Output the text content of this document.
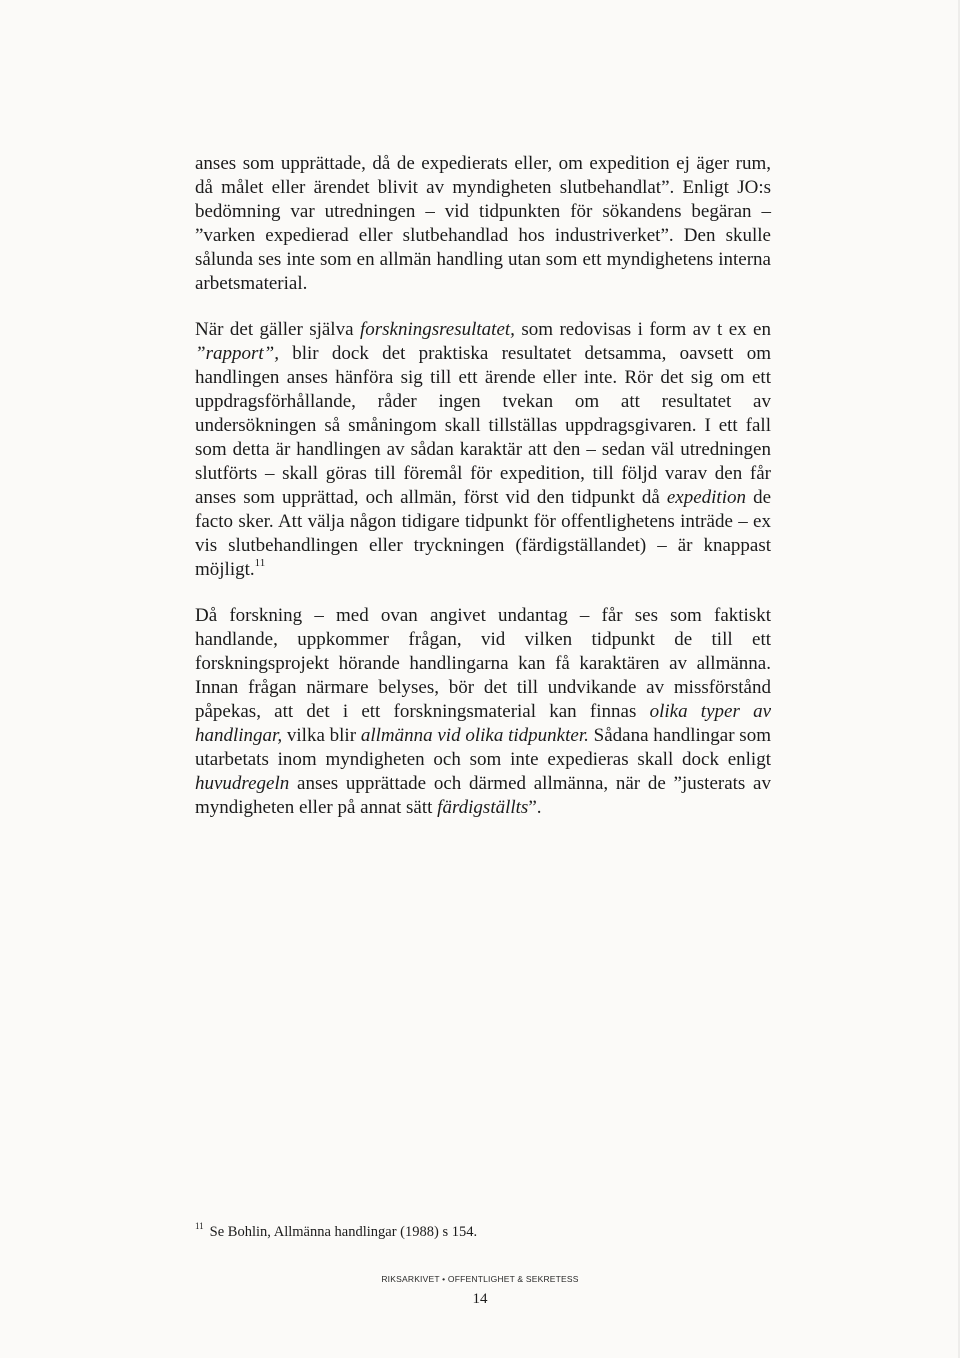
anses som upprättade, då de expedierats eller, om expedition ej äger rum, då målet eller ärendet blivit av myndigheten slutbehandlat”. Enligt JO:s bedömning var utredningen – vid tidpunkten för sökandens begäran – ”varken expedierad eller slutbehandlad hos industriverket”. Den skulle sålunda ses inte som en allmän handling utan som ett myndighetens interna arbetsmaterial.

När det gäller själva forskningsresultatet, som redovisas i form av t ex en ”rapport”, blir dock det praktiska resultatet detsamma, oavsett om handlingen anses hänföra sig till ett ärende eller inte. Rör det sig om ett uppdragsförhållande, råder ingen tvekan om att resultatet av undersökningen så småningom skall tillställas uppdragsgivaren. I ett fall som detta är handlingen av sådan karaktär att den – sedan väl utredningen slutförts – skall göras till föremål för expedition, till följd varav den får anses som upprättad, och allmän, först vid den tidpunkt då expedition de facto sker. Att välja någon tidigare tidpunkt för offentlighetens inträde – ex vis slutbehandlingen eller tryckningen (färdigställandet) – är knappast möjligt.$^{11}$

Då forskning – med ovan angivet undantag – får ses som faktiskt handlande, uppkommer frågan, vid vilken tidpunkt de till ett forskningsprojekt hörande handlingarna kan få karaktären av allmänna. Innan frågan närmare belyses, bör det till undvikande av missförstånd påpekas, att det i ett forskningsmaterial kan finnas olika typer av handlingar, vilka blir allmänna vid olika tidpunkter. Sådana handlingar som utarbetats inom myndigheten och som inte expedieras skall dock enligt huvudregeln anses upprättade och därmed allmänna, när de ”justerats av myndigheten eller på annat sätt färdigställts”.

$^{11}$ Se Bohlin, Allmänna handlingar (1988) s 154.
RIKSARKIVET • OFFENTLIGHET & SEKRETESS
14
